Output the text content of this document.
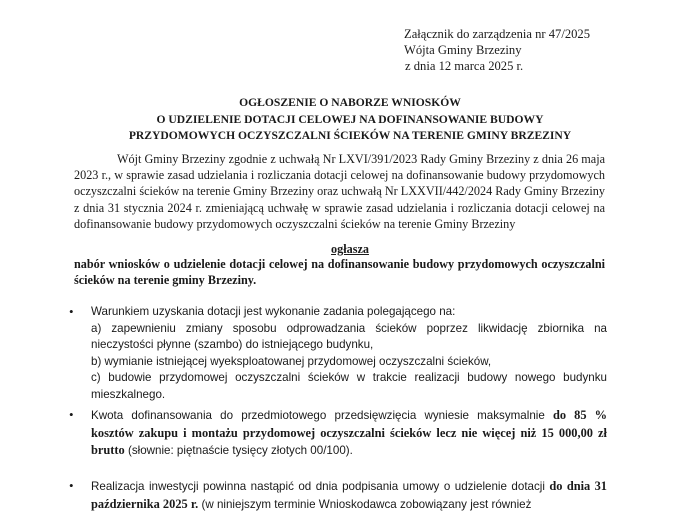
Załącznik do zarządzenia nr 47/2025
Wójta Gminy Brzeziny
z dnia 12 marca 2025 r.
OGŁOSZENIE O NABORZE WNIOSKÓW
O UDZIELENIE DOTACJI CELOWEJ NA DOFINANSOWANIE BUDOWY
PRZYDOMOWYCH OCZYSZCZALNI ŚCIEKÓW NA TERENIE GMINY BRZEZINY
Wójt Gminy Brzeziny zgodnie z uchwałą Nr LXVI/391/2023 Rady Gminy Brzeziny z dnia 26 maja 2023 r., w sprawie zasad udzielania i rozliczania dotacji celowej na dofinansowanie budowy przydomowych oczyszczalni ścieków na terenie Gminy Brzeziny oraz uchwałą Nr LXXVII/442/2024 Rady Gminy Brzeziny z dnia 31 stycznia 2024 r. zmieniającą uchwałę w sprawie zasad udzielania i rozliczania dotacji celowej na dofinansowanie budowy przydomowych oczyszczalni ścieków na terenie Gminy Brzeziny
ogłasza
nabór wniosków o udzielenie dotacji celowej na dofinansowanie budowy przydomowych oczyszczalni ścieków na terenie gminy Brzeziny.
• Warunkiem uzyskania dotacji jest wykonanie zadania polegającego na:
a) zapewnieniu zmiany sposobu odprowadzania ścieków poprzez likwidację zbiornika na nieczystości płynne (szambo) do istniejącego budynku,
b) wymianie istniejącej wyeksploatowanej przydomowej oczyszczalni ścieków,
c) budowie przydomowej oczyszczalni ścieków w trakcie realizacji budowy nowego budynku mieszkalnego.
• Kwota dofinansowania do przedmiotowego przedsięwzięcia wyniesie maksymalnie do 85 % kosztów zakupu i montażu przydomowej oczyszczalni ścieków lecz nie więcej niż 15 000,00 zł brutto (słownie: piętnaście tysięcy złotych 00/100).
• Realizacja inwestycji powinna nastąpić od dnia podpisania umowy o udzielenie dotacji do dnia 31 października 2025 r. (w niniejszym terminie Wnioskodawca zobowiązany jest również
